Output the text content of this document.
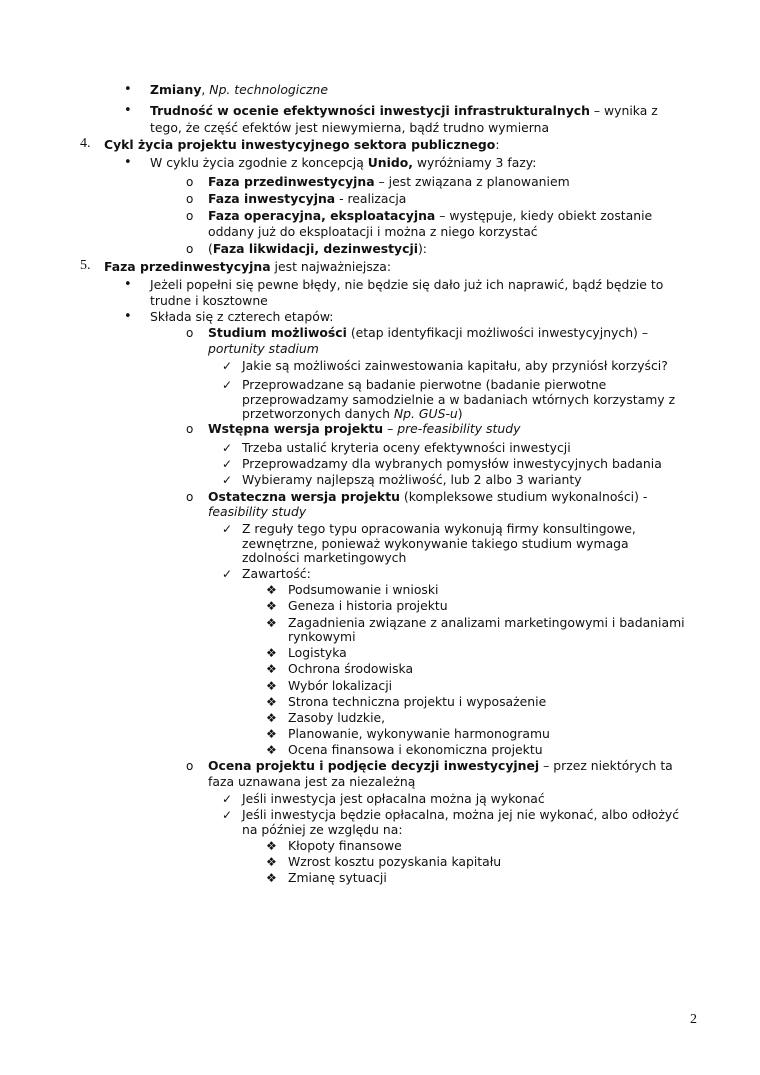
• Zmiany, Np. technologiczne
• Trudność w ocenie efektywności inwestycji infrastrukturalnych – wynika z
tego, że część efektów jest niewymierna, bądź trudno wymierna
4. Cykl życia projektu inwestycyjnego sektora publicznego:
• W cyklu życia zgodnie z koncepcją Unido, wyróżniamy 3 fazy:
o Faza przedinwestycyjna – jest związana z planowaniem
o Faza inwestycyjna - realizacja
o Faza operacyjna, eksploatacyjna – występuje, kiedy obiekt zostanie
oddany już do eksploatacji i można z niego korzystać
o (Faza likwidacji, dezinwestycji):
5. Faza przedinwestycyjna jest najważniejsza:
• Jeżeli popełni się pewne błędy, nie będzie się dało już ich naprawić, bądź będzie to
trudne i kosztowne
• Składa się z czterech etapów:
o Studium możliwości (etap identyfikacji możliwości inwestycyjnych) –
portunity stadium
✓ Jakie są możliwości zainwestowania kapitału, aby przyniósł korzyści?
✓ Przeprowadzane są badanie pierwotne (badanie pierwotne
przeprowadzamy samodzielnie a w badaniach wtórnych korzystamy z
przetworzonych danych Np. GUS-u)
o Wstępna wersja projektu – pre-feasibility study
✓ Trzeba ustalić kryteria oceny efektywności inwestycji
✓ Przeprowadzamy dla wybranych pomysłów inwestycyjnych badania
✓ Wybieramy najlepszą możliwość, lub 2 albo 3 warianty
o Ostateczna wersja projektu (kompleksowe studium wykonalności) -
feasibility study
✓ Z reguły tego typu opracowania wykonują firmy konsultingowe,
zewnętrzne, ponieważ wykonywanie takiego studium wymaga
zdolności marketingowych
✓ Zawartość:
❖ Podsumowanie i wnioski
❖ Geneza i historia projektu
❖ Zagadnienia związane z analizami marketingowymi i badaniami
rynkowymi
❖ Logistyka
❖ Ochrona środowiska
❖ Wybór lokalizacji
❖ Strona techniczna projektu i wyposażenie
❖ Zasoby ludzkie,
❖ Planowanie, wykonywanie harmonogramu
❖ Ocena finansowa i ekonomiczna projektu
o Ocena projektu i podjęcie decyzji inwestycyjnej – przez niektórych ta
faza uznawana jest za niezależną
✓ Jeśli inwestycja jest opłacalna można ją wykonać
✓ Jeśli inwestycja będzie opłacalna, można jej nie wykonać, albo odłożyć
na później ze względu na:
❖ Kłopoty finansowe
❖ Wzrost kosztu pozyskania kapitału
❖ Zmianę sytuacji
2
